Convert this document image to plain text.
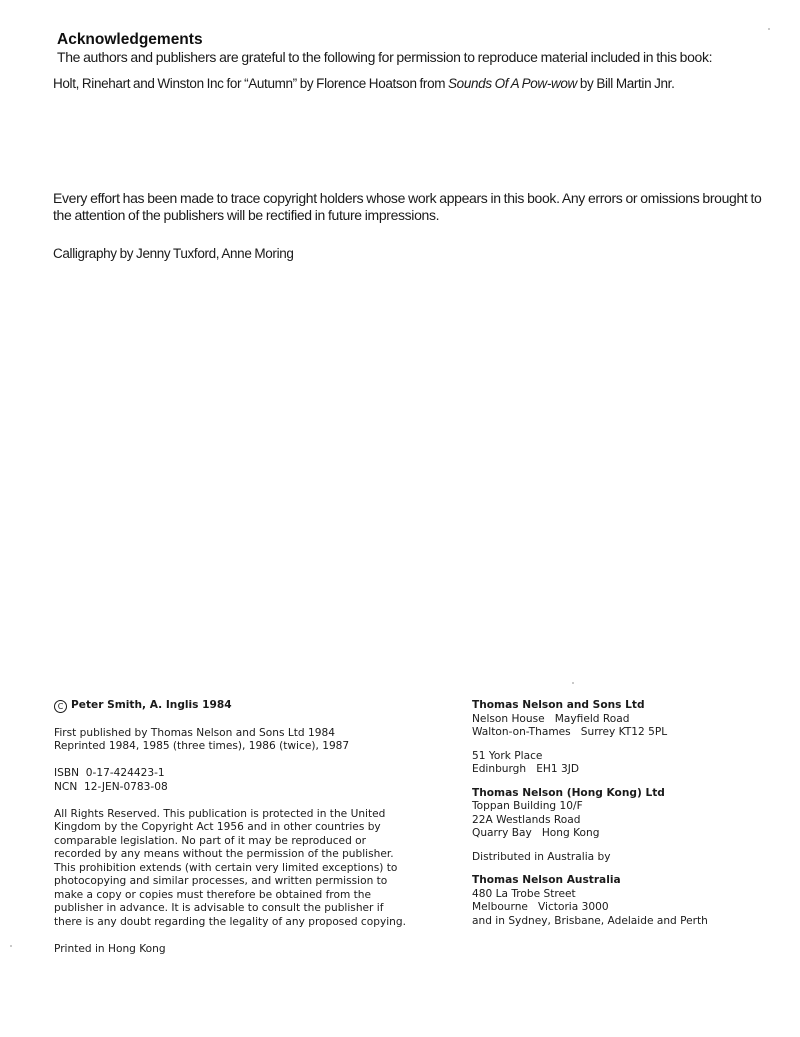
Acknowledgements
The authors and publishers are grateful to the following for permission to reproduce material included in this book:
Holt, Rinehart and Winston Inc for “Autumn” by Florence Hoatson from Sounds Of A Pow-wow by Bill Martin Jnr.
Every effort has been made to trace copyright holders whose work appears in this book. Any errors or omissions brought to the attention of the publishers will be rectified in future impressions.
Calligraphy by Jenny Tuxford, Anne Moring
C Peter Smith, A. Inglis 1984
First published by Thomas Nelson and Sons Ltd 1984
Reprinted 1984, 1985 (three times), 1986 (twice), 1987
ISBN  0-17-424423-1
NCN  12-JEN-0783-08
All Rights Reserved. This publication is protected in the United Kingdom by the Copyright Act 1956 and in other countries by comparable legislation. No part of it may be reproduced or recorded by any means without the permission of the publisher. This prohibition extends (with certain very limited exceptions) to photocopying and similar processes, and written permission to make a copy or copies must therefore be obtained from the publisher in advance. It is advisable to consult the publisher if there is any doubt regarding the legality of any proposed copying.
Printed in Hong Kong
Thomas Nelson and Sons Ltd
Nelson House   Mayfield Road
Walton-on-Thames   Surrey KT12 5PL
51 York Place
Edinburgh   EH1 3JD
Thomas Nelson (Hong Kong) Ltd
Toppan Building 10/F
22A Westlands Road
Quarry Bay   Hong Kong
Distributed in Australia by
Thomas Nelson Australia
480 La Trobe Street
Melbourne   Victoria 3000
and in Sydney, Brisbane, Adelaide and Perth
